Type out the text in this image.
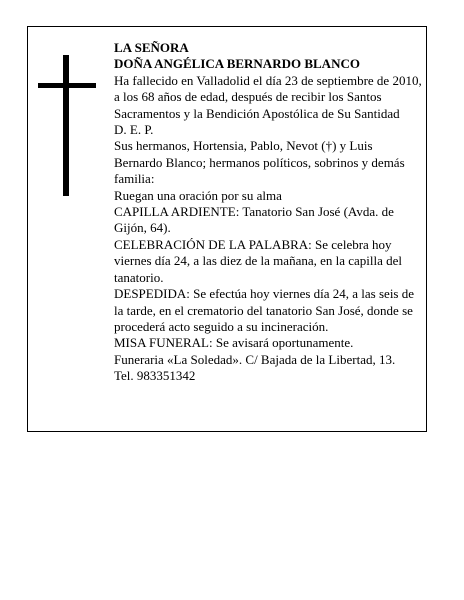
LA SEÑORA

DOÑA ANGÉLICA BERNARDO BLANCO

Ha fallecido en Valladolid el día 23 de septiembre de 2010, a los 68 años de edad, después de recibir los Santos Sacramentos y la Bendición Apostólica de Su Santidad

D. E. P.

Sus hermanos, Hortensia, Pablo, Nevot (†) y Luis Bernardo Blanco; hermanos políticos, sobrinos y demás familia:

Ruegan una oración por su alma

CAPILLA ARDIENTE: Tanatorio San José (Avda. de Gijón, 64).

CELEBRACIÓN DE LA PALABRA: Se celebra hoy viernes día 24, a las diez de la mañana, en la capilla del tanatorio.

DESPEDIDA: Se efectúa hoy viernes día 24, a las seis de la tarde, en el crematorio del tanatorio San José, donde se procederá acto seguido a su incineración.

MISA FUNERAL: Se avisará oportunamente.

Funeraria «La Soledad». C/ Bajada de la Libertad, 13.

Tel. 983351342
